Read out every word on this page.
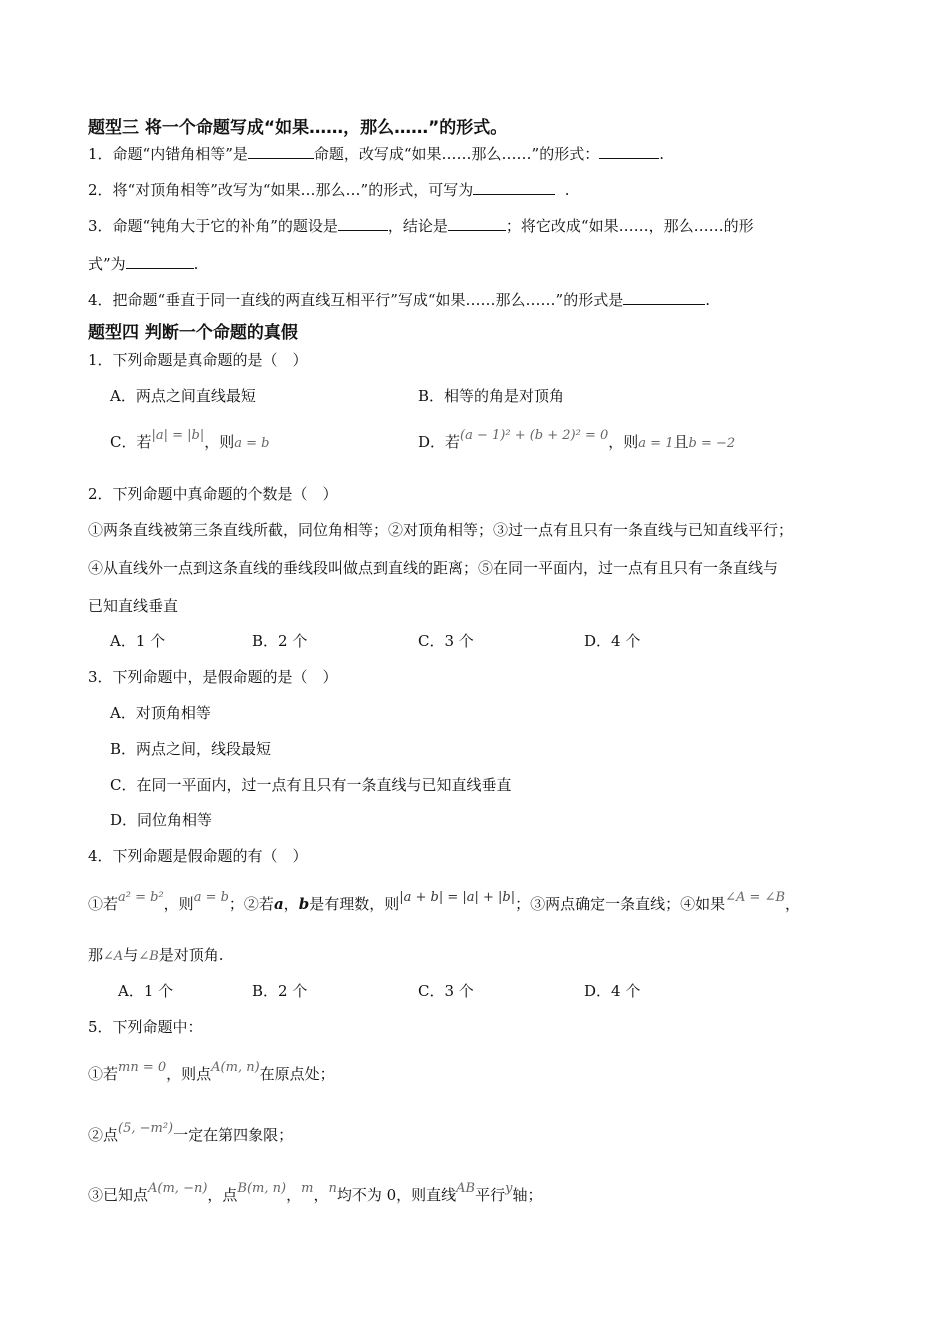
题型三 将一个命题写成“如果……，那么……”的形式。
1．命题“内错角相等”是	命题，改写成“如果……那么……”的形式：	.
2．将“对顶角相等”改写为“如果…那么…”的形式，可写为	.
3．命题“钝角大于它的补角”的题设是	，结论是	；将它改成“如果……，那么……的形
式”为	.
4．把命题“垂直于同一直线的两直线互相平行”写成“如果……那么……”的形式是	.
题型四 判断一个命题的真假
1．下列命题是真命题的是（　）
A．两点之间直线最短	B．相等的角是对顶角
C．若|a| = |b|，则a = b	D．若(a − 1)² + (b + 2)² = 0，则a = 1且b = −2
2．下列命题中真命题的个数是（　）
①两条直线被第三条直线所截，同位角相等；②对顶角相等；③过一点有且只有一条直线与已知直线平行；
④从直线外一点到这条直线的垂线段叫做点到直线的距离；⑤在同一平面内，过一点有且只有一条直线与
已知直线垂直
A．1 个	B．2 个	C．3 个	D．4 个
3．下列命题中，是假命题的是（　）
A．对顶角相等
B．两点之间，线段最短
C．在同一平面内，过一点有且只有一条直线与已知直线垂直
D．同位角相等
4．下列命题是假命题的有（　）
①若a² = b²，则a = b；②若a，b是有理数，则|a + b| = |a| + |b|；③两点确定一条直线；④如果∠A = ∠B，
那∠A与∠B是对顶角.
A．1 个	B．2 个	C．3 个	D．4 个
5．下列命题中：
①若mn = 0，则点A(m, n)在原点处；
②点(5, −m²)一定在第四象限；
③已知点A(m, −n)，点B(m, n)，m，n均不为 0，则直线AB平行y轴；
